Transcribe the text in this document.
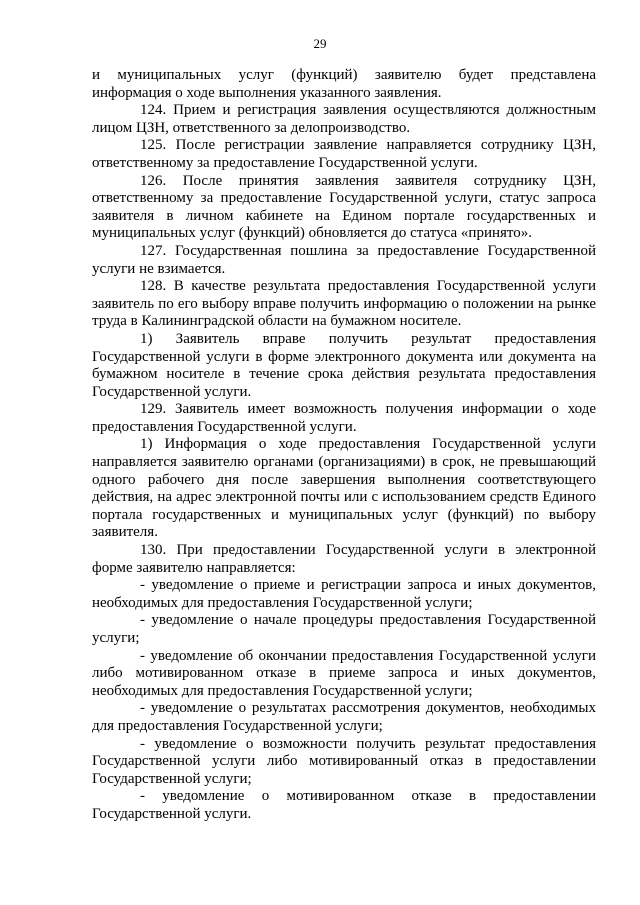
29

и муниципальных услуг (функций) заявителю будет представлена информация о ходе выполнения указанного заявления.

124. Прием и регистрация заявления осуществляются должностным лицом ЦЗН, ответственного за делопроизводство.

125. После регистрации заявление направляется сотруднику ЦЗН, ответственному за предоставление Государственной услуги.

126. После принятия заявления заявителя сотруднику ЦЗН, ответственному за предоставление Государственной услуги, статус запроса заявителя в личном кабинете на Едином портале государственных и муниципальных услуг (функций) обновляется до статуса «принято».

127. Государственная пошлина за предоставление Государственной услуги не взимается.

128. В качестве результата предоставления Государственной услуги заявитель по его выбору вправе получить информацию о положении на рынке труда в Калининградской области на бумажном носителе.

1) Заявитель вправе получить результат предоставления Государственной услуги в форме электронного документа или документа на бумажном носителе в течение срока действия результата предоставления Государственной услуги.

129. Заявитель имеет возможность получения информации о ходе предоставления Государственной услуги.

1) Информация о ходе предоставления Государственной услуги направляется заявителю органами (организациями) в срок, не превышающий одного рабочего дня после завершения выполнения соответствующего действия, на адрес электронной почты или с использованием средств Единого портала государственных и муниципальных услуг (функций) по выбору заявителя.

130. При предоставлении Государственной услуги в электронной форме заявителю направляется:

- уведомление о приеме и регистрации запроса и иных документов, необходимых для предоставления Государственной услуги;

- уведомление о начале процедуры предоставления Государственной услуги;

- уведомление об окончании предоставления Государственной услуги либо мотивированном отказе в приеме запроса и иных документов, необходимых для предоставления Государственной услуги;

- уведомление о результатах рассмотрения документов, необходимых для предоставления Государственной услуги;

- уведомление о возможности получить результат предоставления Государственной услуги либо мотивированный отказ в предоставлении Государственной услуги;

- уведомление о мотивированном отказе в предоставлении Государственной услуги.
